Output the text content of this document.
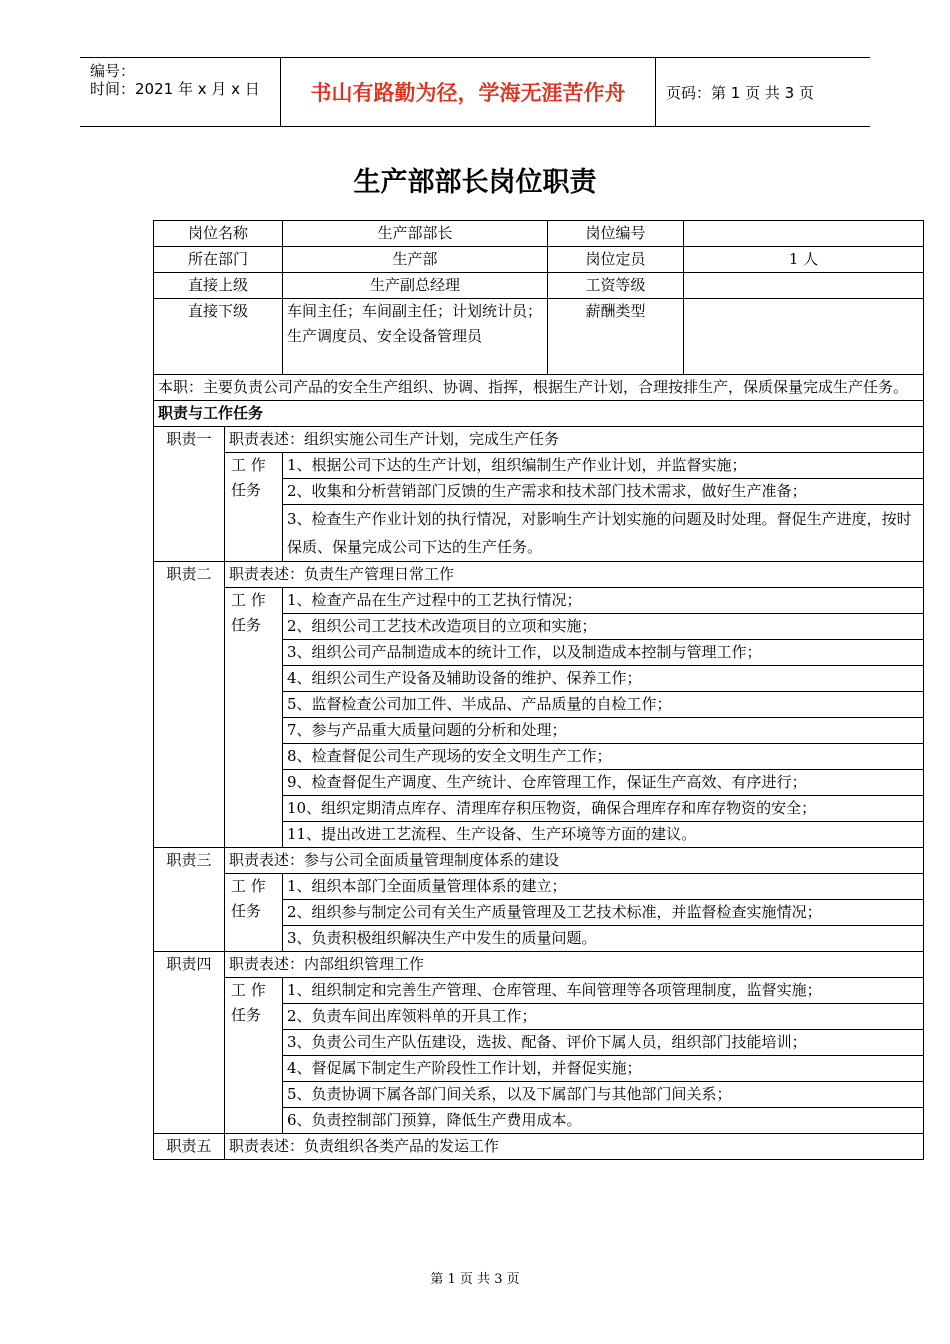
编号：
时间：2021 年 x 月 x 日	书山有路勤为径，学海无涯苦作舟	页码：第 1 页 共 3 页
生产部部长岗位职责
岗位名称		生产部部长	岗位编号	
所在部门		生产部	岗位定员	1 人
直接上级		生产副总经理	工资等级	
直接下级		车间主任；车间副主任；计划统计员；生产调度员、安全设备管理员	薪酬类型	
本职：主要负责公司产品的安全生产组织、协调、指挥，根据生产计划，合理按排生产，保质保量完成生产任务。				
职责与工作任务				
职责一	职责表述：组织实施公司生产计划，完成生产任务			
	工 作 任务	1、根据公司下达的生产计划，组织编制生产作业计划，并监督实施；		
		2、收集和分析营销部门反馈的生产需求和技术部门技术需求，做好生产准备；		
		3、检查生产作业计划的执行情况，对影响生产计划实施的问题及时处理。督促生产进度，按时保质、保量完成公司下达的生产任务。		
职责二	职责表述：负责生产管理日常工作			
	工 作 任务	1、检查产品在生产过程中的工艺执行情况；		
		2、组织公司工艺技术改造项目的立项和实施；		
		3、组织公司产品制造成本的统计工作，以及制造成本控制与管理工作；		
		4、组织公司生产设备及辅助设备的维护、保养工作；		
		5、监督检查公司加工件、半成品、产品质量的自检工作；		
		7、参与产品重大质量问题的分析和处理；		
		8、检查督促公司生产现场的安全文明生产工作；		
		9、检查督促生产调度、生产统计、仓库管理工作，保证生产高效、有序进行；		
		10、组织定期清点库存、清理库存积压物资，确保合理库存和库存物资的安全；		
		11、提出改进工艺流程、生产设备、生产环境等方面的建议。		
职责三	职责表述：参与公司全面质量管理制度体系的建设			
	工 作 任务	1、组织本部门全面质量管理体系的建立；		
		2、组织参与制定公司有关生产质量管理及工艺技术标准，并监督检查实施情况；		
		3、负责积极组织解决生产中发生的质量问题。		
职责四	职责表述：内部组织管理工作			
	工 作 任务	1、组织制定和完善生产管理、仓库管理、车间管理等各项管理制度，监督实施；		
		2、负责车间出库领料单的开具工作；		
		3、负责公司生产队伍建设，选拔、配备、评价下属人员，组织部门技能培训；		
		4、督促属下制定生产阶段性工作计划，并督促实施；		
		5、负责协调下属各部门间关系，以及下属部门与其他部门间关系；		
		6、负责控制部门预算，降低生产费用成本。		
职责五	职责表述：负责组织各类产品的发运工作			
第 1 页 共 3 页
